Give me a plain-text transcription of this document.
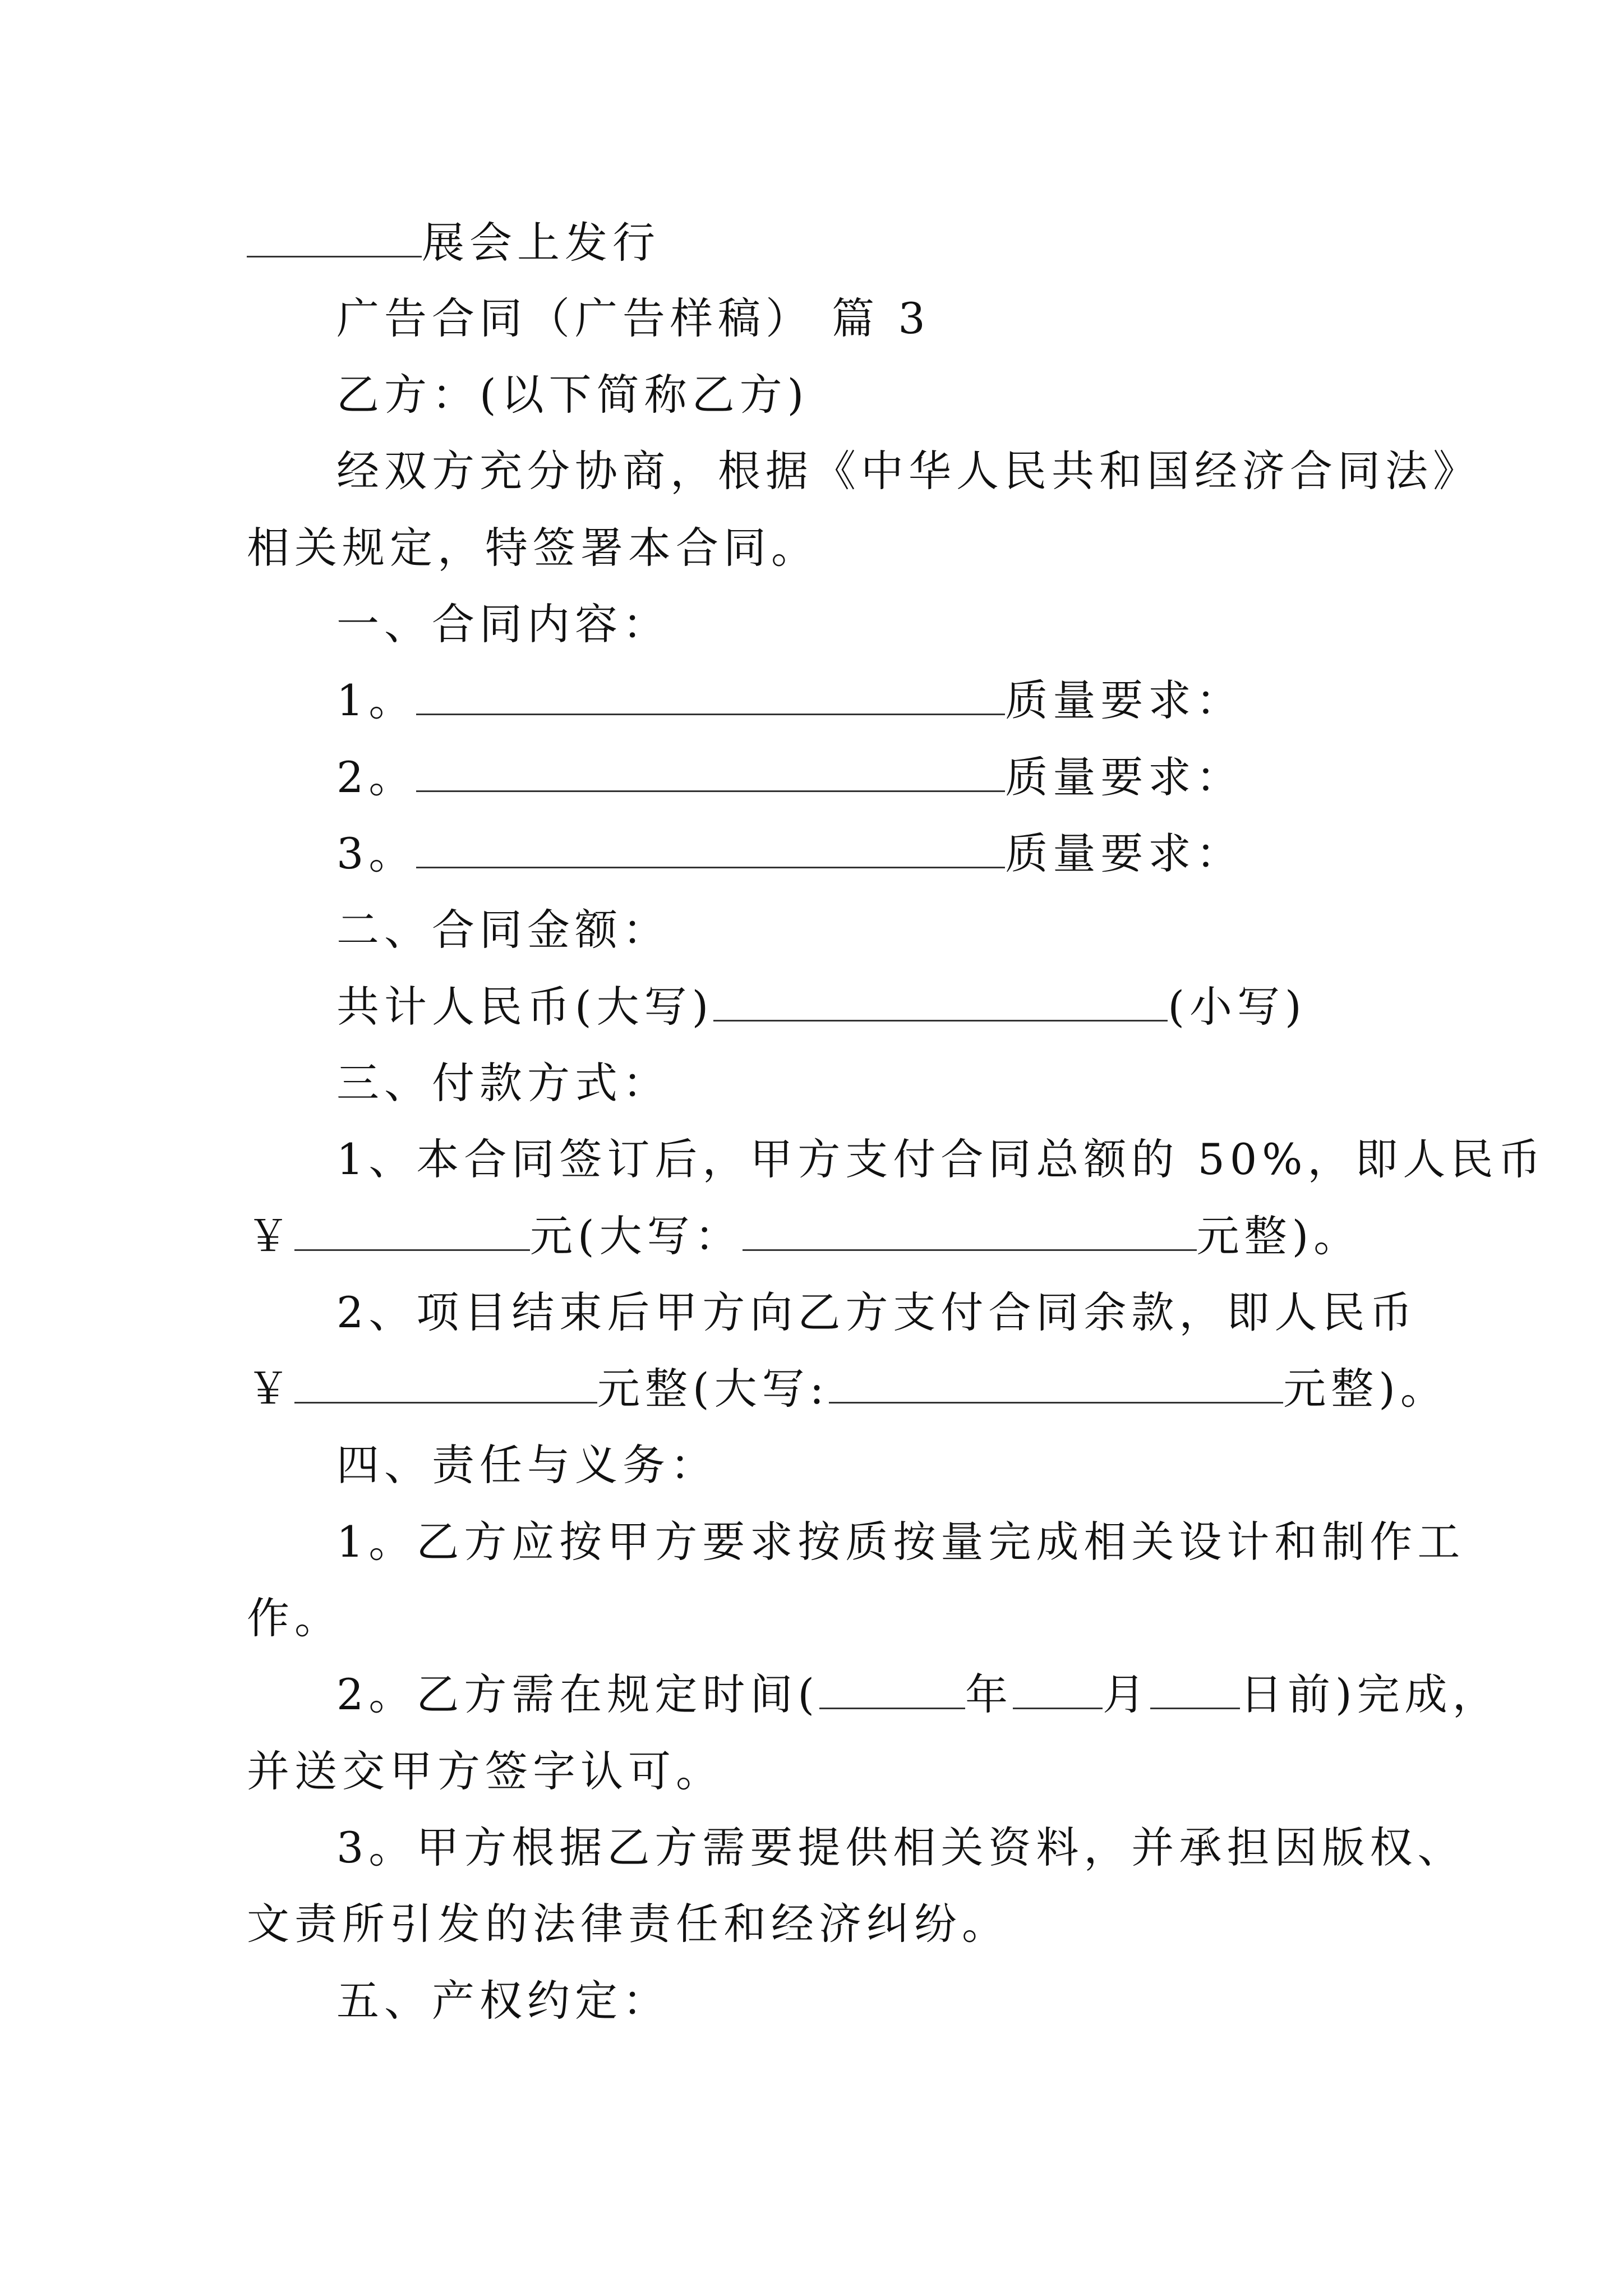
展会上发行
广告合同（广告样稿） 篇 3
乙方：(以下简称乙方)
经双方充分协商，根据《中华人民共和国经济合同法》
相关规定，特签署本合同。
一、合同内容：
1。	质量要求：
2。	质量要求：
3。	质量要求：
二、合同金额：
共计人民币(大写)	(小写)
三、付款方式：
1、本合同签订后，甲方支付合同总额的 50%，即人民币
￥	元(大写：	元整)。
2、项目结束后甲方向乙方支付合同余款，即人民币
￥	元整(大写:	元整)。
四、责任与义务：
1。乙方应按甲方要求按质按量完成相关设计和制作工
作。
2。乙方需在规定时间(	年 月 日前)完成，
并送交甲方签字认可。
3。甲方根据乙方需要提供相关资料，并承担因版权、
文责所引发的法律责任和经济纠纷。
五、产权约定：
